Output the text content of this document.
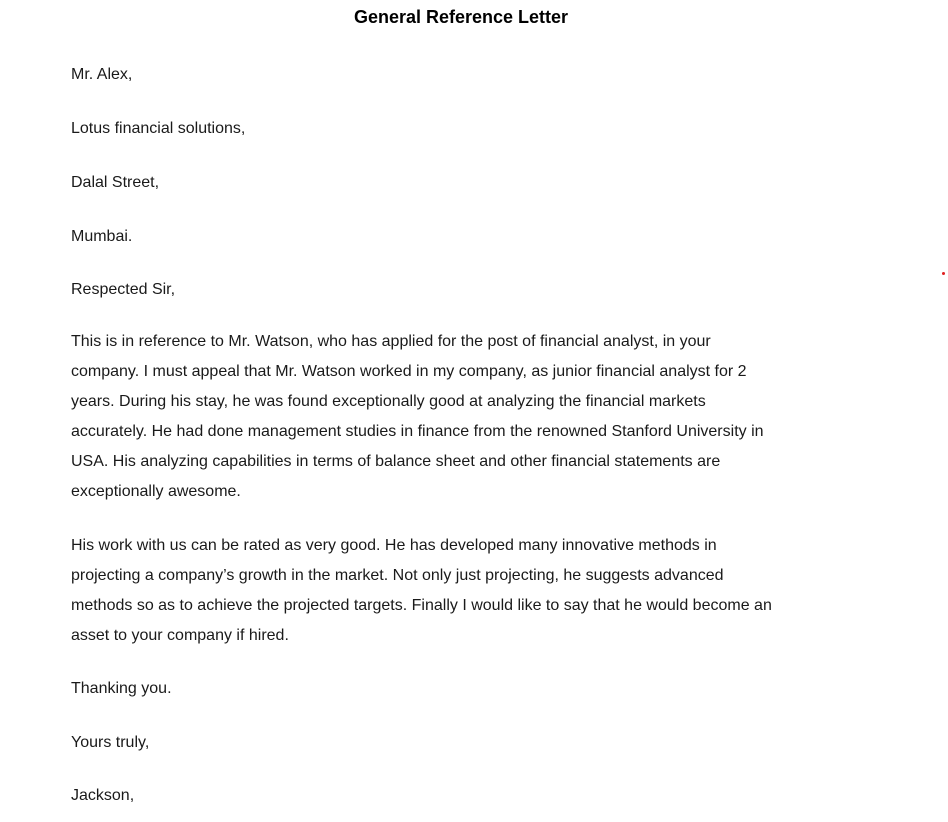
General Reference Letter

Mr. Alex,

Lotus financial solutions,

Dalal Street,

Mumbai.

Respected Sir,

This is in reference to Mr. Watson, who has applied for the post of financial analyst, in your
company. I must appeal that Mr. Watson worked in my company, as junior financial analyst for 2
years. During his stay, he was found exceptionally good at analyzing the financial markets
accurately. He had done management studies in finance from the renowned Stanford University in
USA. His analyzing capabilities in terms of balance sheet and other financial statements are
exceptionally awesome.
His work with us can be rated as very good. He has developed many innovative methods in
projecting a company’s growth in the market. Not only just projecting, he suggests advanced
methods so as to achieve the projected targets. Finally I would like to say that he would become an
asset to your company if hired.

Thanking you.

Yours truly,

Jackson,
